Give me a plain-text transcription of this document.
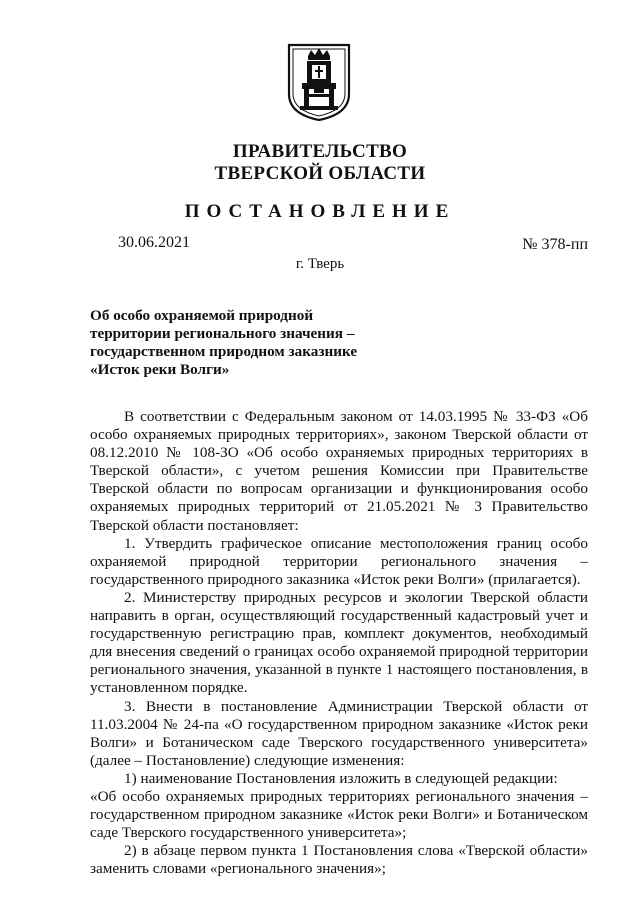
ПРАВИТЕЛЬСТВО
ТВЕРСКОЙ ОБЛАСТИ
ПОСТАНОВЛЕНИЕ
30.06.2021	№ 378-пп
г. Тверь
Об особо охраняемой природной
территории регионального значения –
государственном природном заказнике
«Исток реки Волги»

В соответствии с Федеральным законом от 14.03.1995 № 33-ФЗ «Об особо охраняемых природных территориях», законом Тверской области от 08.12.2010 № 108-ЗО «Об особо охраняемых природных территориях в Тверской области», с учетом решения Комиссии при Правительстве Тверской области по вопросам организации и функционирования особо охраняемых природных территорий от 21.05.2021 № 3 Правительство Тверской области постановляет:

1. Утвердить графическое описание местоположения границ особо охраняемой природной территории регионального значения – государственного природного заказника «Исток реки Волги» (прилагается).

2. Министерству природных ресурсов и экологии Тверской области направить в орган, осуществляющий государственный кадастровый учет и государственную регистрацию прав, комплект документов, необходимый для внесения сведений о границах особо охраняемой природной территории регионального значения, указанной в пункте 1 настоящего постановления, в установленном порядке.

3. Внести в постановление Администрации Тверской области от 11.03.2004 № 24-па «О государственном природном заказнике «Исток реки Волги» и Ботаническом саде Тверского государственного университета» (далее – Постановление) следующие изменения:

1) наименование Постановления изложить в следующей редакции:

«Об особо охраняемых природных территориях регионального значения – государственном природном заказнике «Исток реки Волги» и Ботаническом саде Тверского государственного университета»;

2) в абзаце первом пункта 1 Постановления слова «Тверской области» заменить словами «регионального значения»;
